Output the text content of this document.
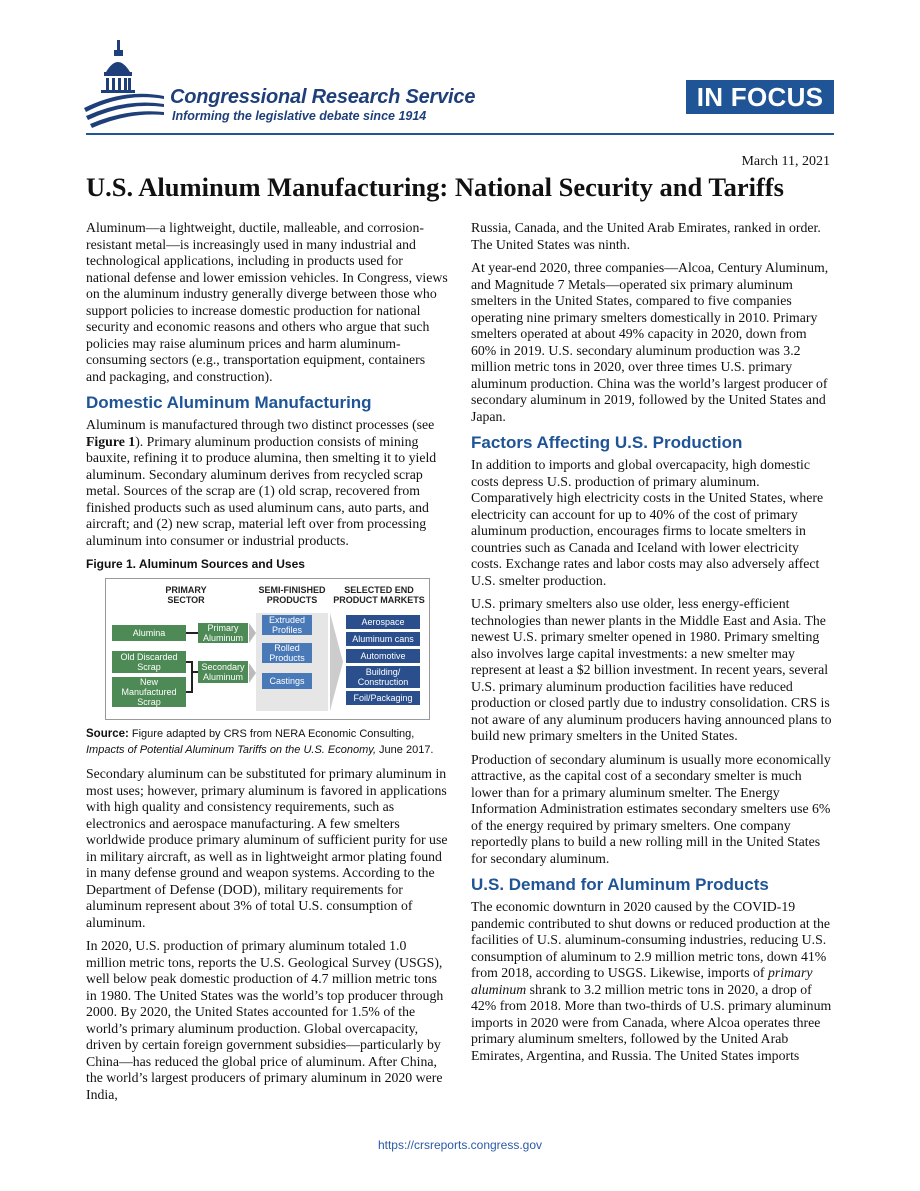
Congressional Research Service
Informing the legislative debate since 1914
IN FOCUS
March 11, 2021
U.S. Aluminum Manufacturing: National Security and Tariffs

Aluminum—a lightweight, ductile, malleable, and corrosion-resistant metal—is increasingly used in many industrial and technological applications, including in products used for national defense and lower emission vehicles. In Congress, views on the aluminum industry generally diverge between those who support policies to increase domestic production for national security and economic reasons and others who argue that such policies may raise aluminum prices and harm aluminum-consuming sectors (e.g., transportation equipment, containers and packaging, and construction).

Domestic Aluminum Manufacturing

Aluminum is manufactured through two distinct processes (see Figure 1). Primary aluminum production consists of mining bauxite, refining it to produce alumina, then smelting it to yield aluminum. Secondary aluminum derives from recycled scrap metal. Sources of the scrap are (1) old scrap, recovered from finished products such as used aluminum cans, auto parts, and aircraft; and (2) new scrap, material left over from processing aluminum into consumer or industrial products.

Figure 1. Aluminum Sources and Uses
PRIMARY SECTOR
SEMI-FINISHED PRODUCTS
SELECTED END PRODUCT MARKETS
Alumina	Primary Aluminum
Old Discarded Scrap
New Manufactured Scrap
Secondary Aluminum
Extruded Profiles
Rolled Products
Castings
Aerospace
Aluminum cans
Automotive
Building/ Construction
Foil/Packaging
Source: Figure adapted by CRS from NERA Economic Consulting, Impacts of Potential Aluminum Tariffs on the U.S. Economy, June 2017.

Secondary aluminum can be substituted for primary aluminum in most uses; however, primary aluminum is favored in applications with high quality and consistency requirements, such as electronics and aerospace manufacturing. A few smelters worldwide produce primary aluminum of sufficient purity for use in military aircraft, as well as in lightweight armor plating found in many defense ground and weapon systems. According to the Department of Defense (DOD), military requirements for aluminum represent about 3% of total U.S. consumption of aluminum.

In 2020, U.S. production of primary aluminum totaled 1.0 million metric tons, reports the U.S. Geological Survey (USGS), well below peak domestic production of 4.7 million metric tons in 1980. The United States was the world’s top producer through 2000. By 2020, the United States accounted for 1.5% of the world’s primary aluminum production. Global overcapacity, driven by certain foreign government subsidies—particularly by China—has reduced the global price of aluminum. After China, the world’s largest producers of primary aluminum in 2020 were India,

Russia, Canada, and the United Arab Emirates, ranked in order. The United States was ninth.

At year-end 2020, three companies—Alcoa, Century Aluminum, and Magnitude 7 Metals—operated six primary aluminum smelters in the United States, compared to five companies operating nine primary smelters domestically in 2010. Primary smelters operated at about 49% capacity in 2020, down from 60% in 2019. U.S. secondary aluminum production was 3.2 million metric tons in 2020, over three times U.S. primary aluminum production. China was the world’s largest producer of secondary aluminum in 2019, followed by the United States and Japan.

Factors Affecting U.S. Production

In addition to imports and global overcapacity, high domestic costs depress U.S. production of primary aluminum. Comparatively high electricity costs in the United States, where electricity can account for up to 40% of the cost of primary aluminum production, encourages firms to locate smelters in countries such as Canada and Iceland with lower electricity costs. Exchange rates and labor costs may also adversely affect U.S. smelter production.

U.S. primary smelters also use older, less energy-efficient technologies than newer plants in the Middle East and Asia. The newest U.S. primary smelter opened in 1980. Primary smelting also involves large capital investments: a new smelter may represent at least a $2 billion investment. In recent years, several U.S. primary aluminum production facilities have reduced production or closed partly due to industry consolidation. CRS is not aware of any aluminum producers having announced plans to build new primary smelters in the United States.

Production of secondary aluminum is usually more economically attractive, as the capital cost of a secondary smelter is much lower than for a primary aluminum smelter. The Energy Information Administration estimates secondary smelters use 6% of the energy required by primary smelters. One company reportedly plans to build a new rolling mill in the United States for secondary aluminum.

U.S. Demand for Aluminum Products

The economic downturn in 2020 caused by the COVID-19 pandemic contributed to shut downs or reduced production at the facilities of U.S. aluminum-consuming industries, reducing U.S. consumption of aluminum to 2.9 million metric tons, down 41% from 2018, according to USGS. Likewise, imports of primary aluminum shrank to 3.2 million metric tons in 2020, a drop of 42% from 2018. More than two-thirds of U.S. primary aluminum imports in 2020 were from Canada, where Alcoa operates three primary aluminum smelters, followed by the United Arab Emirates, Argentina, and Russia. The United States imports

https://crsreports.congress.gov
